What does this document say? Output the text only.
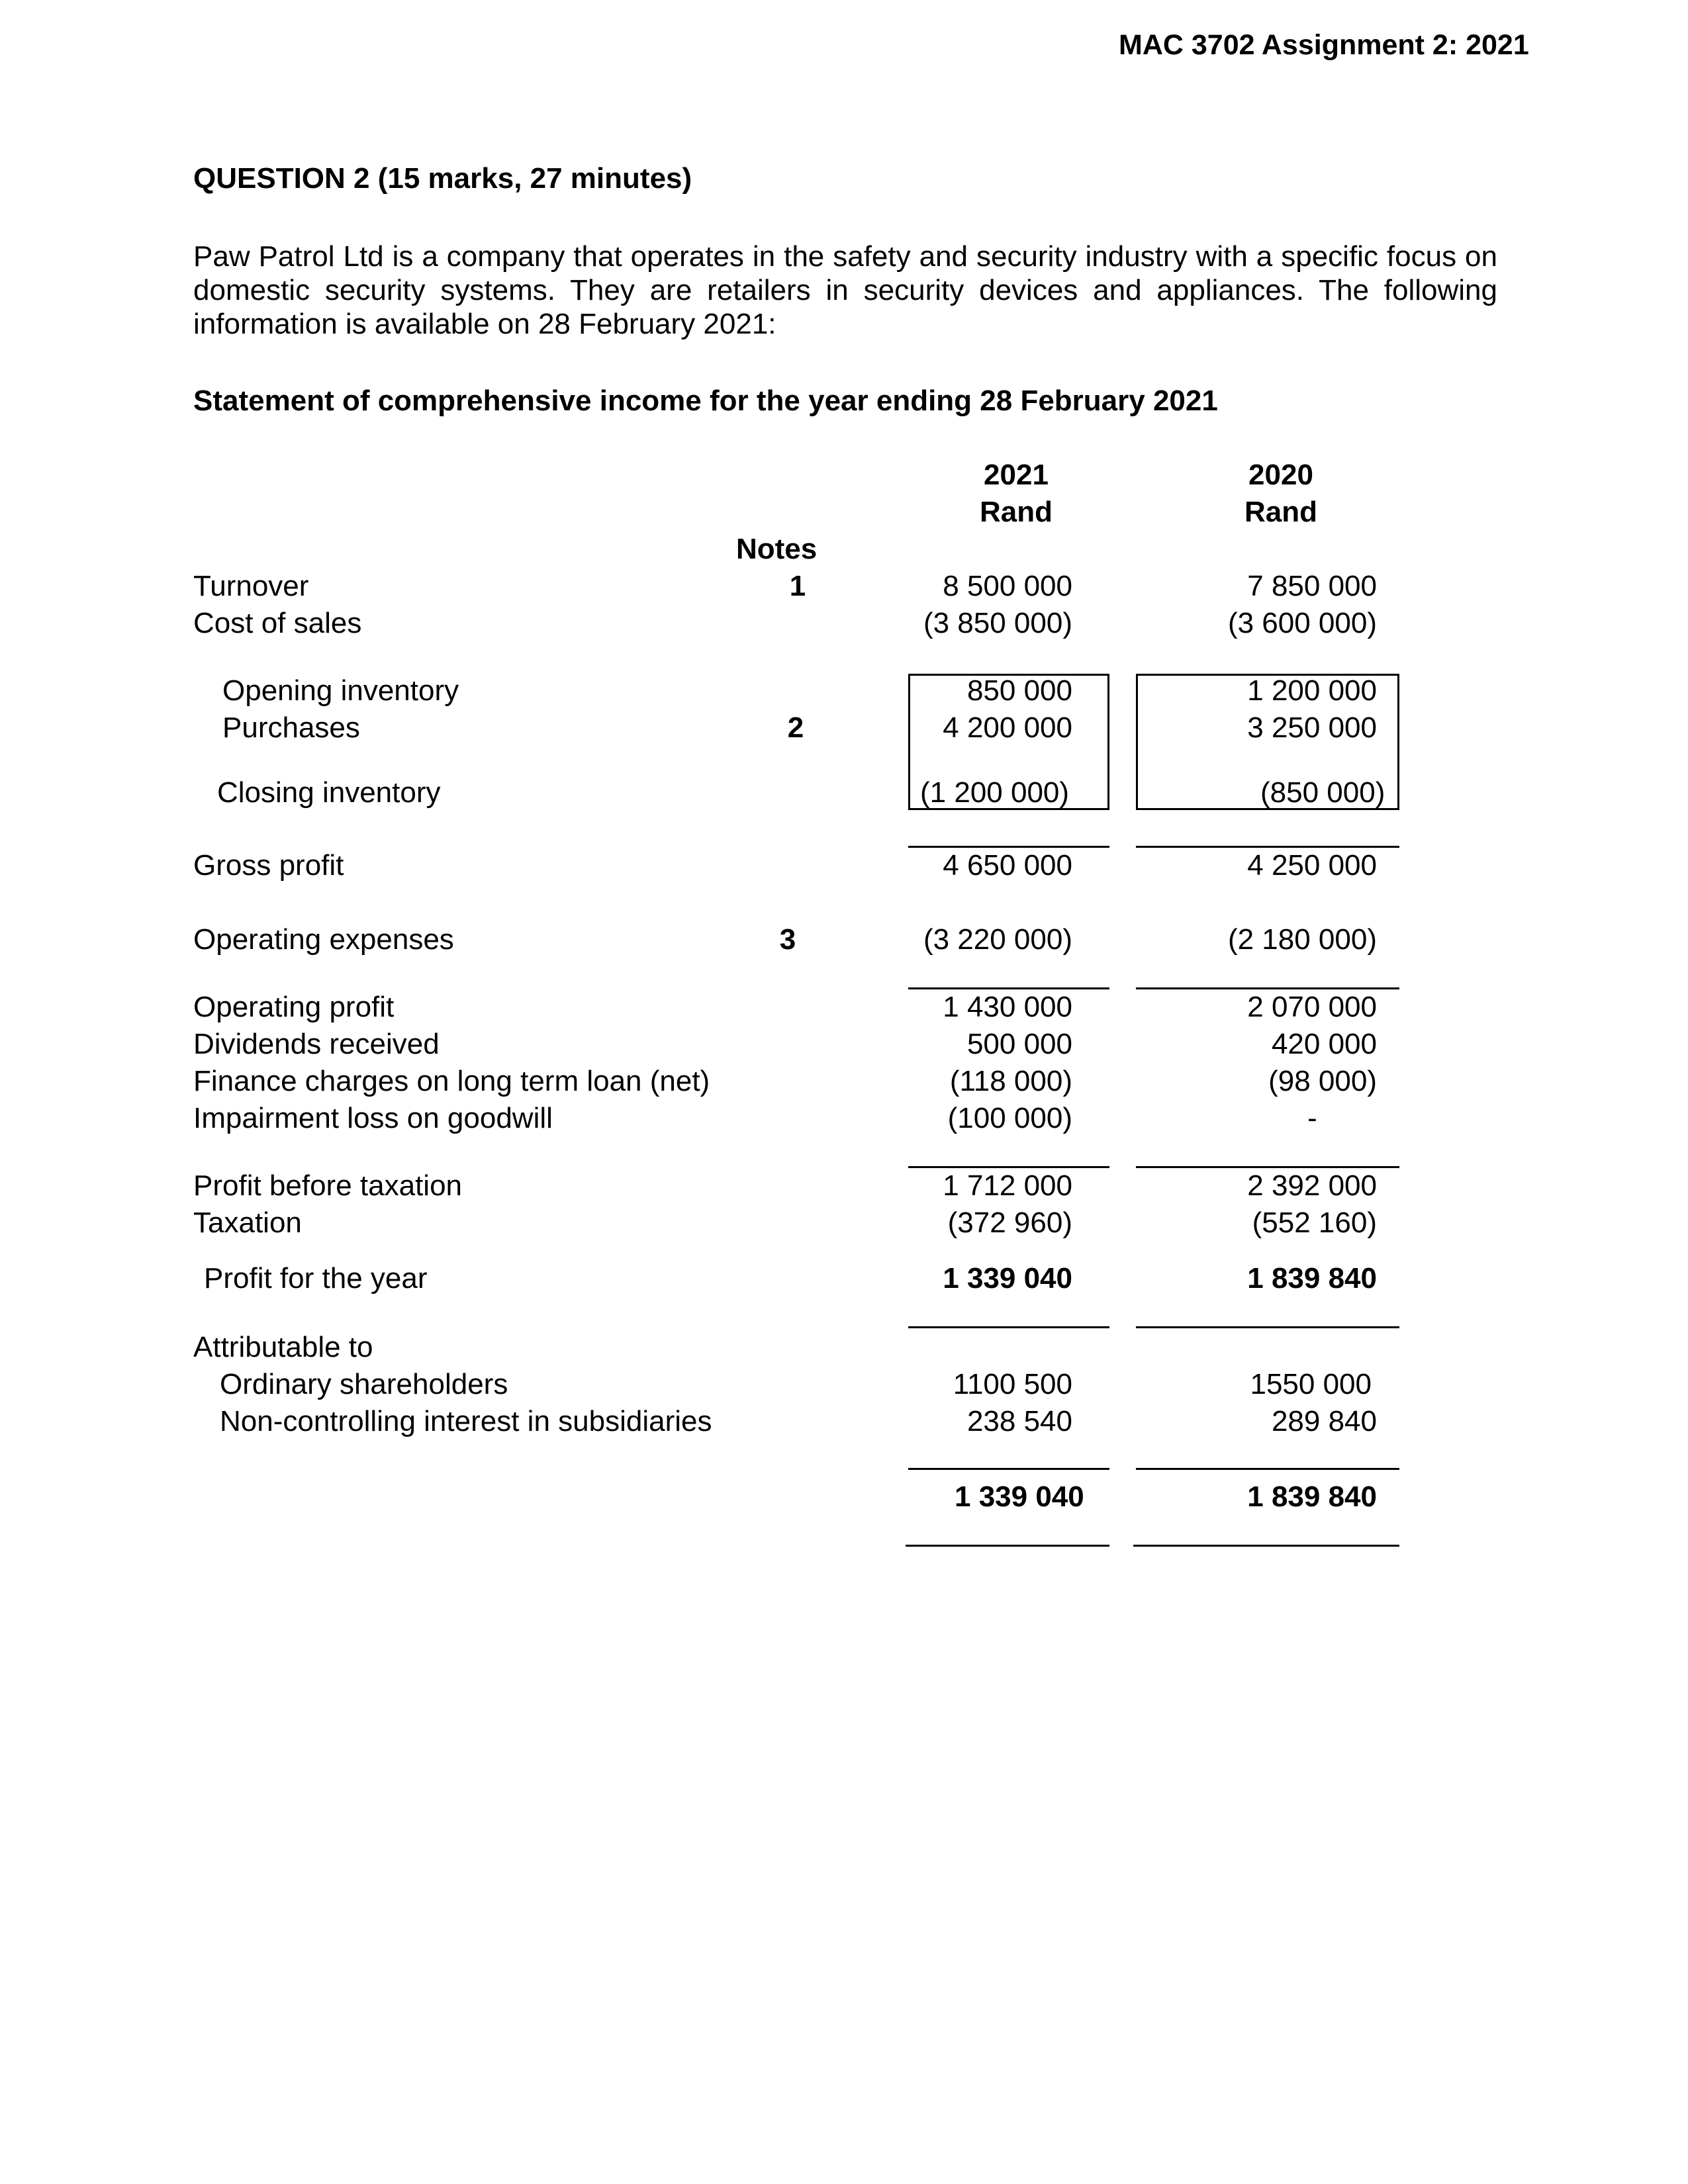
MAC 3702 Assignment 2: 2021
QUESTION 2 (15 marks, 27 minutes)
Paw Patrol Ltd is a company that operates in the safety and security industry with a specific focus on
domestic security systems. They are retailers in security devices and appliances. The following
information is available on 28 February 2021:
Statement of comprehensive income for the year ending 28 February 2021
2021
Rand
2020
Rand
Notes
Turnover	1	8 500 000	7 850 000
Cost of sales	(3 850 000)	(3 600 000)
Opening inventory	850 000	1 200 000
Purchases	2	4 200 000	3 250 000
Closing inventory	(1 200 000)	(850 000)
Gross profit	4 650 000	4 250 000
Operating expenses	3	(3 220 000)	(2 180 000)
Operating profit	1 430 000	2 070 000
Dividends received	500 000	420 000
Finance charges on long term loan (net)	(118 000)	(98 000)
Impairment loss on goodwill	(100 000)	-
Profit before taxation	1 712 000	2 392 000
Taxation	(372 960)	(552 160)
Profit for the year	1 339 040	1 839 840
Attributable to
Ordinary shareholders	1100 500	1550 000
Non-controlling interest in subsidiaries	238 540	289 840
1 339 040	1 839 840
